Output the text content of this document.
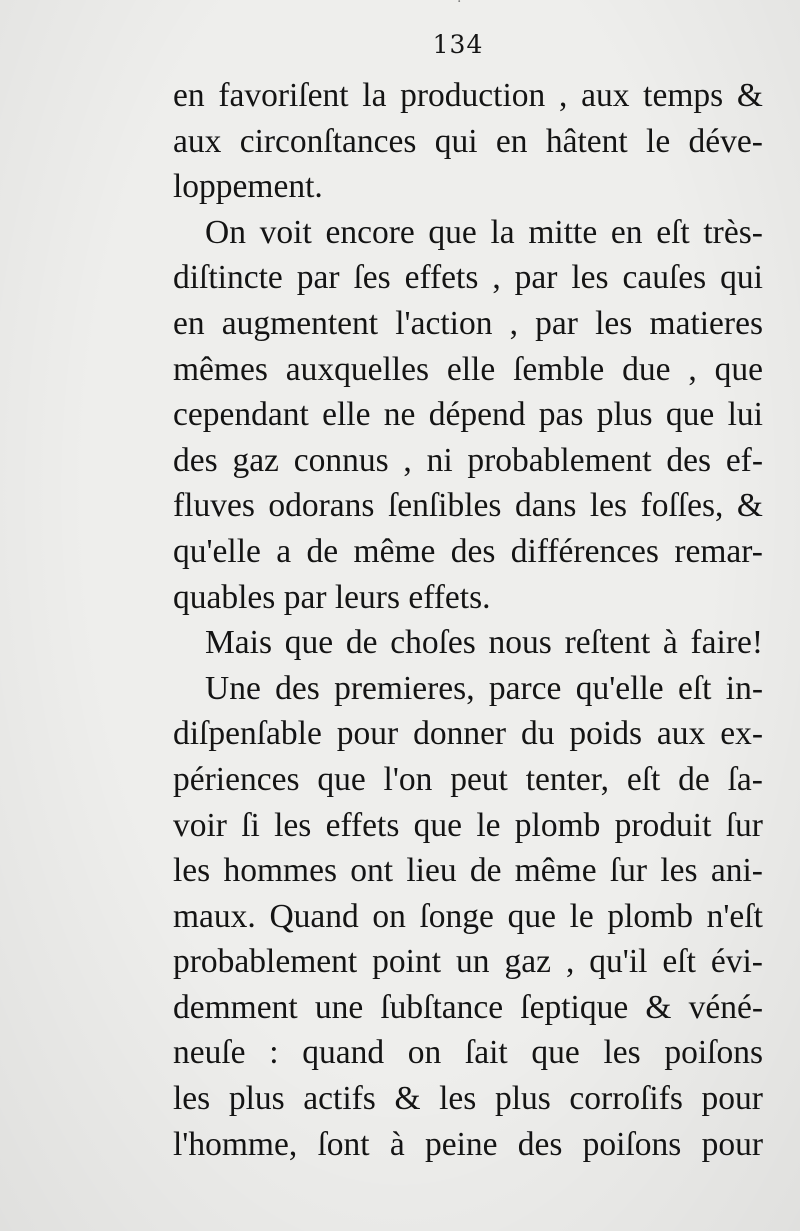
134
en favoriſent la production , aux temps &
aux circonſtances qui en hâtent le déve-
loppement.
On voit encore que la mitte en eſt très-
diſtincte par ſes effets , par les cauſes qui
en augmentent l'action , par les matieres
mêmes auxquelles elle ſemble due , que
cependant elle ne dépend pas plus que lui
des gaz connus , ni probablement des ef-
fluves odorans ſenſibles dans les foſſes, &
qu'elle a de même des différences remar-
quables par leurs effets.
Mais que de choſes nous reſtent à faire!
Une des premieres, parce qu'elle eſt in-
diſpenſable pour donner du poids aux ex-
périences que l'on peut tenter, eſt de ſa-
voir ſi les effets que le plomb produit ſur
les hommes ont lieu de même ſur les ani-
maux. Quand on ſonge que le plomb n'eſt
probablement point un gaz , qu'il eſt évi-
demment une ſubſtance ſeptique & véné-
neuſe : quand on ſait que les poiſons
les plus actifs & les plus corroſifs pour
l'homme, ſont à peine des poiſons pour
·
